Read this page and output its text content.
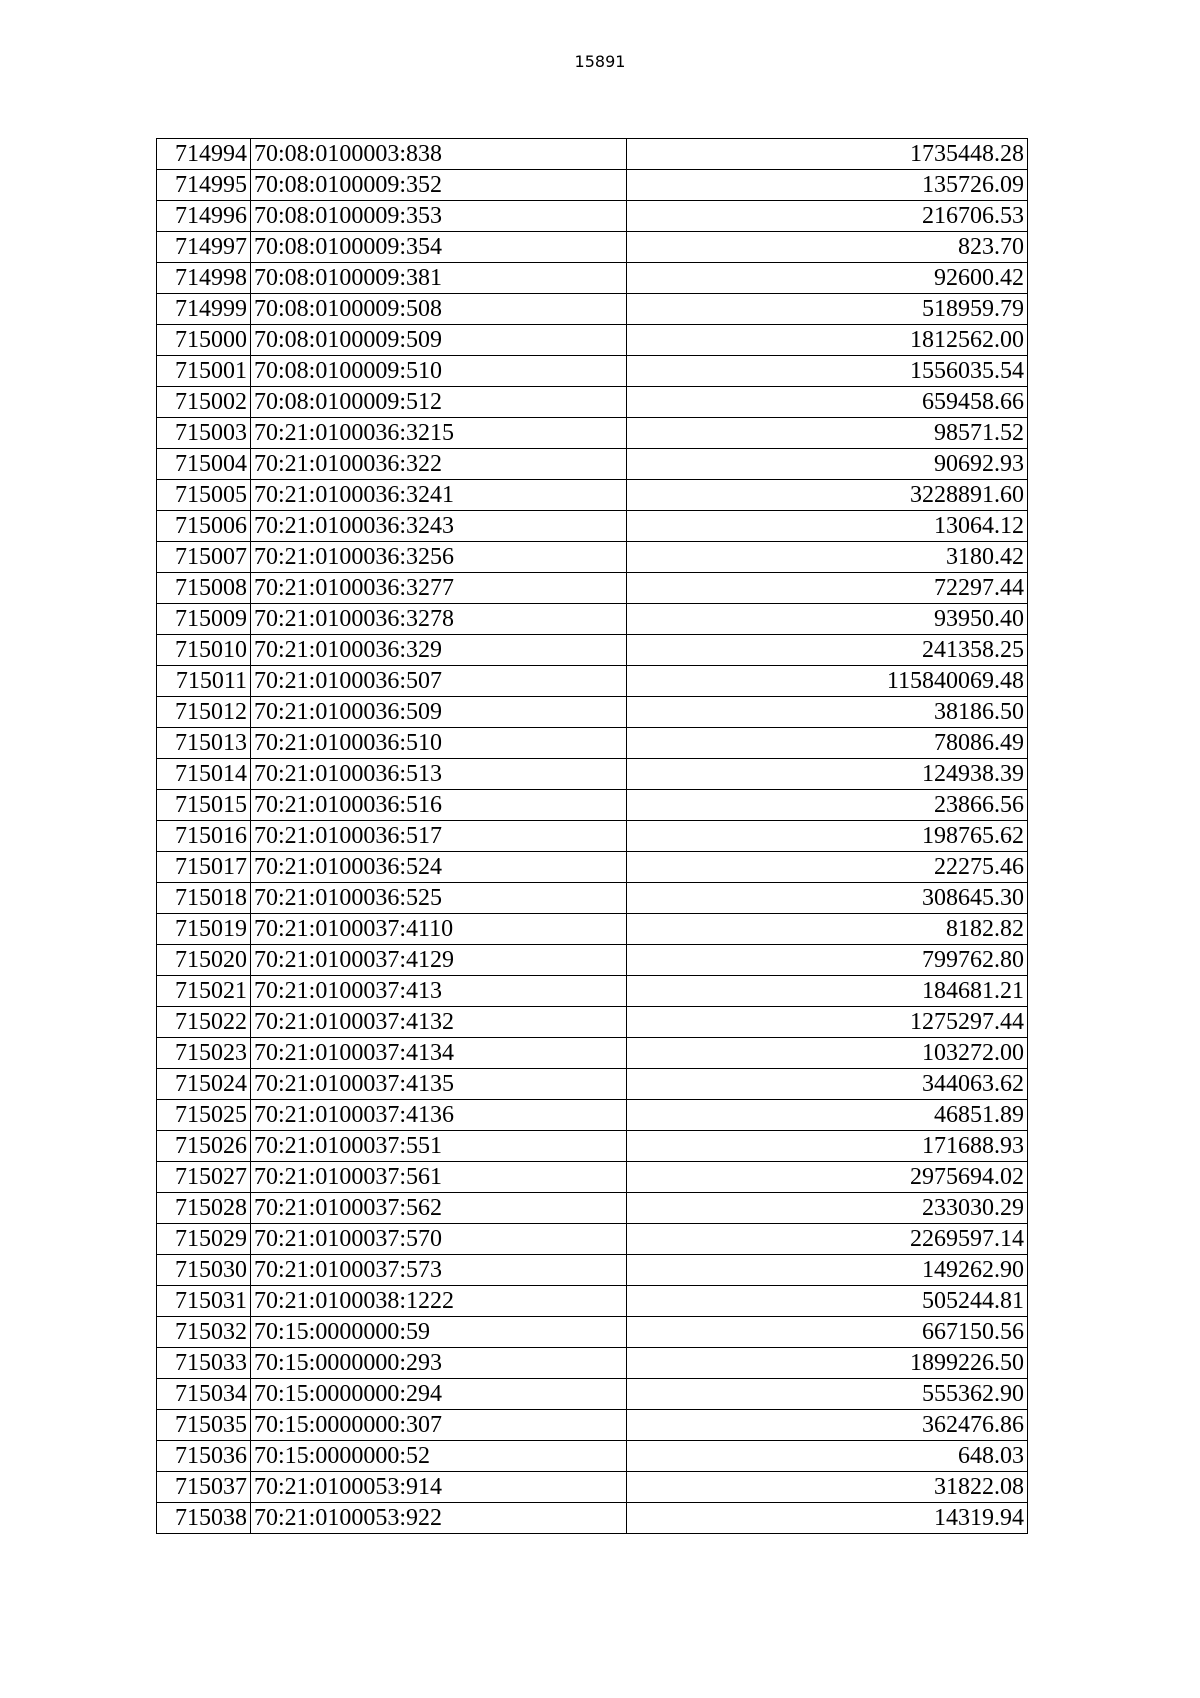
15891
714994	70:08:0100003:838	1735448.28
714995	70:08:0100009:352	135726.09
714996	70:08:0100009:353	216706.53
714997	70:08:0100009:354	823.70
714998	70:08:0100009:381	92600.42
714999	70:08:0100009:508	518959.79
715000	70:08:0100009:509	1812562.00
715001	70:08:0100009:510	1556035.54
715002	70:08:0100009:512	659458.66
715003	70:21:0100036:3215	98571.52
715004	70:21:0100036:322	90692.93
715005	70:21:0100036:3241	3228891.60
715006	70:21:0100036:3243	13064.12
715007	70:21:0100036:3256	3180.42
715008	70:21:0100036:3277	72297.44
715009	70:21:0100036:3278	93950.40
715010	70:21:0100036:329	241358.25
715011	70:21:0100036:507	115840069.48
715012	70:21:0100036:509	38186.50
715013	70:21:0100036:510	78086.49
715014	70:21:0100036:513	124938.39
715015	70:21:0100036:516	23866.56
715016	70:21:0100036:517	198765.62
715017	70:21:0100036:524	22275.46
715018	70:21:0100036:525	308645.30
715019	70:21:0100037:4110	8182.82
715020	70:21:0100037:4129	799762.80
715021	70:21:0100037:413	184681.21
715022	70:21:0100037:4132	1275297.44
715023	70:21:0100037:4134	103272.00
715024	70:21:0100037:4135	344063.62
715025	70:21:0100037:4136	46851.89
715026	70:21:0100037:551	171688.93
715027	70:21:0100037:561	2975694.02
715028	70:21:0100037:562	233030.29
715029	70:21:0100037:570	2269597.14
715030	70:21:0100037:573	149262.90
715031	70:21:0100038:1222	505244.81
715032	70:15:0000000:59	667150.56
715033	70:15:0000000:293	1899226.50
715034	70:15:0000000:294	555362.90
715035	70:15:0000000:307	362476.86
715036	70:15:0000000:52	648.03
715037	70:21:0100053:914	31822.08
715038	70:21:0100053:922	14319.94
